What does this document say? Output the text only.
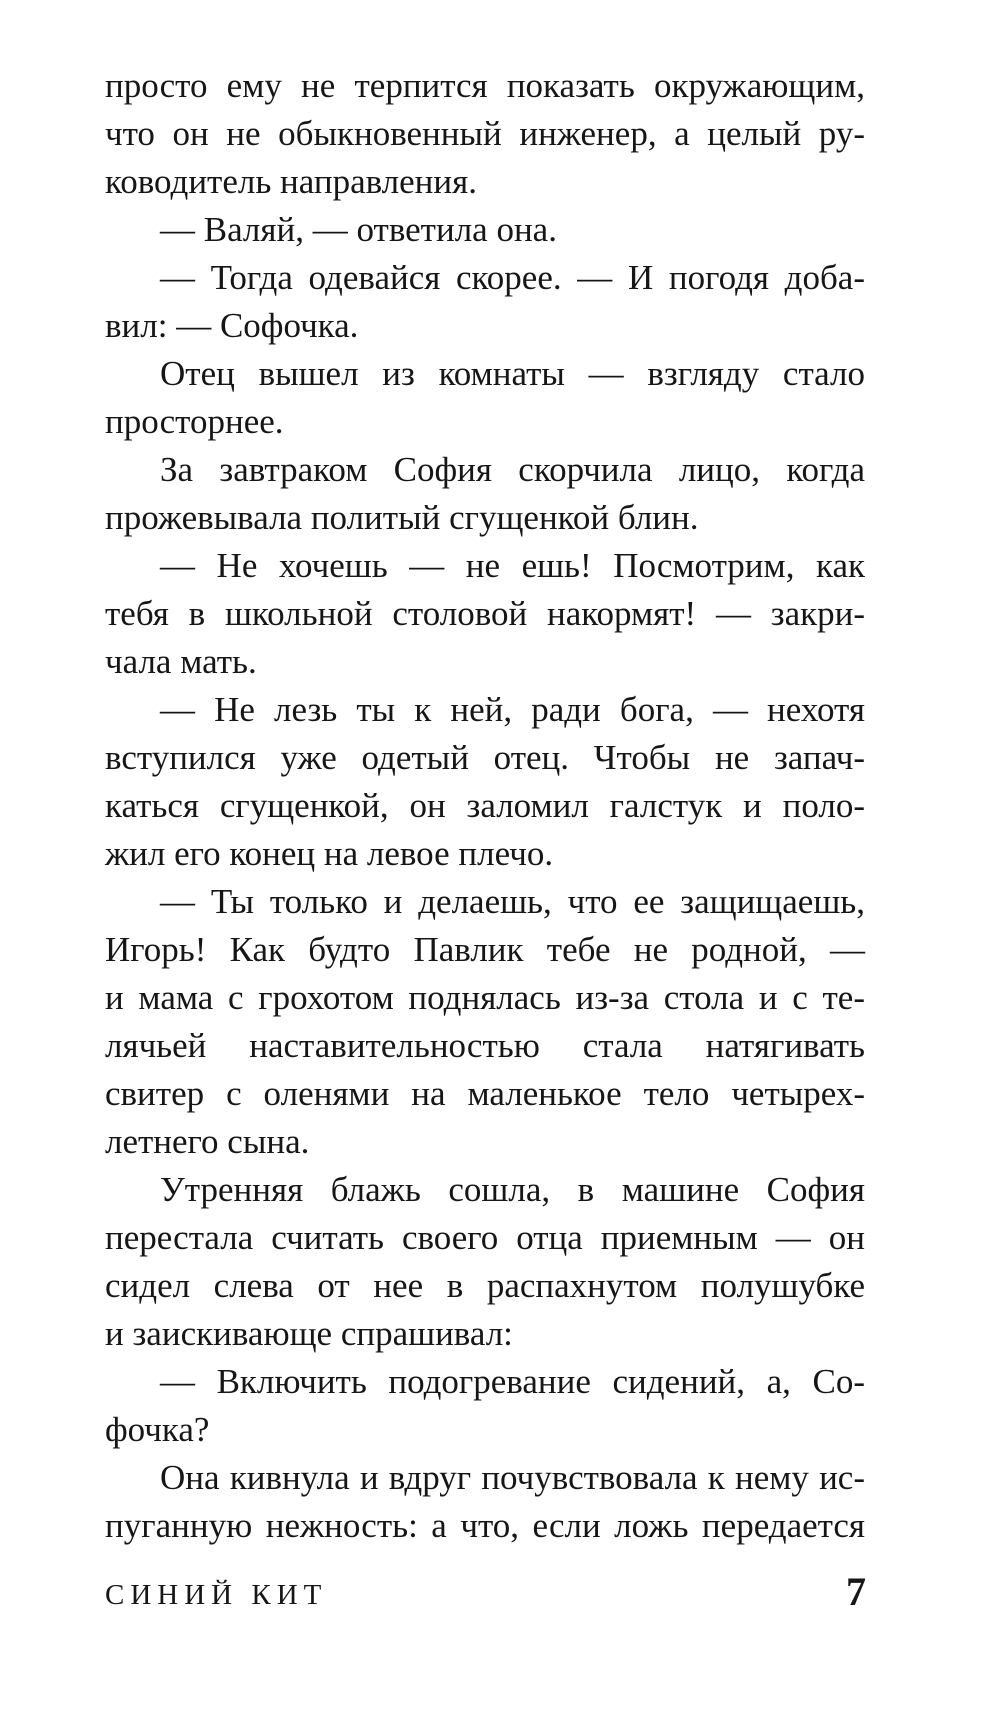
просто ему не терпится показать окружающим,
что он не обыкновенный инженер, а целый ру-
ководитель направления.
— Валяй, — ответила она.
— Тогда одевайся скорее. — И погодя доба-
вил: — Софочка.
Отец вышел из комнаты — взгляду стало
просторнее.
За завтраком София скорчила лицо, когда
прожевывала политый сгущенкой блин.
— Не хочешь — не ешь! Посмотрим, как
тебя в школьной столовой накормят! — закри-
чала мать.
— Не лезь ты к ней, ради бога, — нехотя
вступился уже одетый отец. Чтобы не запач-
каться сгущенкой, он заломил галстук и поло-
жил его конец на левое плечо.
— Ты только и делаешь, что ее защищаешь,
Игорь! Как будто Павлик тебе не родной, —
и мама с грохотом поднялась из-за стола и с те-
лячьей наставительностью стала натягивать
свитер с оленями на маленькое тело четырех-
летнего сына.
Утренняя блажь сошла, в машине София
перестала считать своего отца приемным — он
сидел слева от нее в распахнутом полушубке
и заискивающе спрашивал:
— Включить подогревание сидений, а, Со-
фочка?
Она кивнула и вдруг почувствовала к нему ис-
пуганную нежность: а что, если ложь передается
СИНИЙ КИТ	7
